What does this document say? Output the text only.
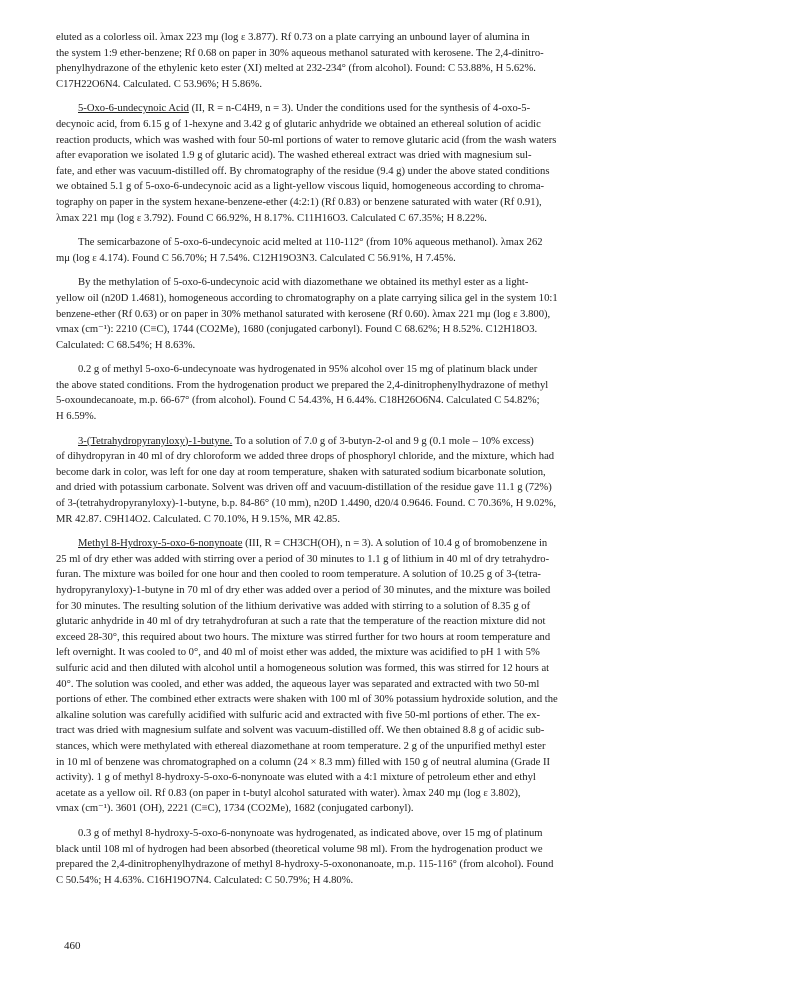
eluted as a colorless oil. λmax 223 mμ (log ε 3.877). Rf 0.73 on a plate carrying an unbound layer of alumina in
the system 1:9 ether-benzene; Rf 0.68 on paper in 30% aqueous methanol saturated with kerosene. The 2,4-dinitro-
phenylhydrazone of the ethylenic keto ester (XI) melted at 232-234° (from alcohol). Found: C 53.88%, H 5.62%.
C17H22O6N4. Calculated. C 53.96%; H 5.86%.
5-Oxo-6-undecynoic Acid (II, R = n-C4H9, n = 3). Under the conditions used for the synthesis of 4-oxo-5-
decynoic acid, from 6.15 g of 1-hexyne and 3.42 g of glutaric anhydride we obtained an ethereal solution of acidic
reaction products, which was washed with four 50-ml portions of water to remove glutaric acid (from the wash waters
after evaporation we isolated 1.9 g of glutaric acid). The washed ethereal extract was dried with magnesium sul-
fate, and ether was vacuum-distilled off. By chromatography of the residue (9.4 g) under the above stated conditions
we obtained 5.1 g of 5-oxo-6-undecynoic acid as a light-yellow viscous liquid, homogeneous according to chroma-
tography on paper in the system hexane-benzene-ether (4:2:1) (Rf 0.83) or benzene saturated with water (Rf 0.91),
λmax 221 mμ (log ε 3.792). Found C 66.92%, H 8.17%. C11H16O3. Calculated C 67.35%; H 8.22%.
The semicarbazone of 5-oxo-6-undecynoic acid melted at 110-112° (from 10% aqueous methanol). λmax 262
mμ (log ε 4.174). Found C 56.70%; H 7.54%. C12H19O3N3. Calculated C 56.91%, H 7.45%.
By the methylation of 5-oxo-6-undecynoic acid with diazomethane we obtained its methyl ester as a light-
yellow oil (n20D 1.4681), homogeneous according to chromatography on a plate carrying silica gel in the system 10:1
benzene-ether (Rf 0.63) or on paper in 30% methanol saturated with kerosene (Rf 0.60). λmax 221 mμ (log ε 3.800),
νmax (cm⁻¹): 2210 (C≡C), 1744 (CO2Me), 1680 (conjugated carbonyl). Found C 68.62%; H 8.52%. C12H18O3.
Calculated: C 68.54%; H 8.63%.
0.2 g of methyl 5-oxo-6-undecynoate was hydrogenated in 95% alcohol over 15 mg of platinum black under
the above stated conditions. From the hydrogenation product we prepared the 2,4-dinitrophenylhydrazone of methyl
5-oxoundecanoate, m.p. 66-67° (from alcohol). Found C 54.43%, H 6.44%. C18H26O6N4. Calculated C 54.82%;
H 6.59%.
3-(Tetrahydropyranyloxy)-1-butyne. To a solution of 7.0 g of 3-butyn-2-ol and 9 g (0.1 mole – 10% excess)
of dihydropyran in 40 ml of dry chloroform we added three drops of phosphoryl chloride, and the mixture, which had
become dark in color, was left for one day at room temperature, shaken with saturated sodium bicarbonate solution,
and dried with potassium carbonate. Solvent was driven off and vacuum-distillation of the residue gave 11.1 g (72%)
of 3-(tetrahydropyranyloxy)-1-butyne, b.p. 84-86° (10 mm), n20D 1.4490, d20/4 0.9646. Found. C 70.36%, H 9.02%,
MR 42.87. C9H14O2. Calculated. C 70.10%, H 9.15%, MR 42.85.
Methyl 8-Hydroxy-5-oxo-6-nonynoate (III, R = CH3CH(OH), n = 3). A solution of 10.4 g of bromobenzene in
25 ml of dry ether was added with stirring over a period of 30 minutes to 1.1 g of lithium in 40 ml of dry tetrahydro-
furan. The mixture was boiled for one hour and then cooled to room temperature. A solution of 10.25 g of 3-(tetra-
hydropyranyloxy)-1-butyne in 70 ml of dry ether was added over a period of 30 minutes, and the mixture was boiled
for 30 minutes. The resulting solution of the lithium derivative was added with stirring to a solution of 8.35 g of
glutaric anhydride in 40 ml of dry tetrahydrofuran at such a rate that the temperature of the reaction mixture did not
exceed 28-30°, this required about two hours. The mixture was stirred further for two hours at room temperature and
left overnight. It was cooled to 0°, and 40 ml of moist ether was added, the mixture was acidified to pH 1 with 5%
sulfuric acid and then diluted with alcohol until a homogeneous solution was formed, this was stirred for 12 hours at
40°. The solution was cooled, and ether was added, the aqueous layer was separated and extracted with two 50-ml
portions of ether. The combined ether extracts were shaken with 100 ml of 30% potassium hydroxide solution, and the
alkaline solution was carefully acidified with sulfuric acid and extracted with five 50-ml portions of ether. The ex-
tract was dried with magnesium sulfate and solvent was vacuum-distilled off. We then obtained 8.8 g of acidic sub-
stances, which were methylated with ethereal diazomethane at room temperature. 2 g of the unpurified methyl ester
in 10 ml of benzene was chromatographed on a column (24 × 8.3 mm) filled with 150 g of neutral alumina (Grade II
activity). 1 g of methyl 8-hydroxy-5-oxo-6-nonynoate was eluted with a 4:1 mixture of petroleum ether and ethyl
acetate as a yellow oil. Rf 0.83 (on paper in t-butyl alcohol saturated with water). λmax 240 mμ (log ε 3.802),
νmax (cm⁻¹). 3601 (OH), 2221 (C≡C), 1734 (CO2Me), 1682 (conjugated carbonyl).
0.3 g of methyl 8-hydroxy-5-oxo-6-nonynoate was hydrogenated, as indicated above, over 15 mg of platinum
black until 108 ml of hydrogen had been absorbed (theoretical volume 98 ml). From the hydrogenation product we
prepared the 2,4-dinitrophenylhydrazone of methyl 8-hydroxy-5-oxononanoate, m.p. 115-116° (from alcohol). Found
C 50.54%; H 4.63%. C16H19O7N4. Calculated: C 50.79%; H 4.80%.
460
